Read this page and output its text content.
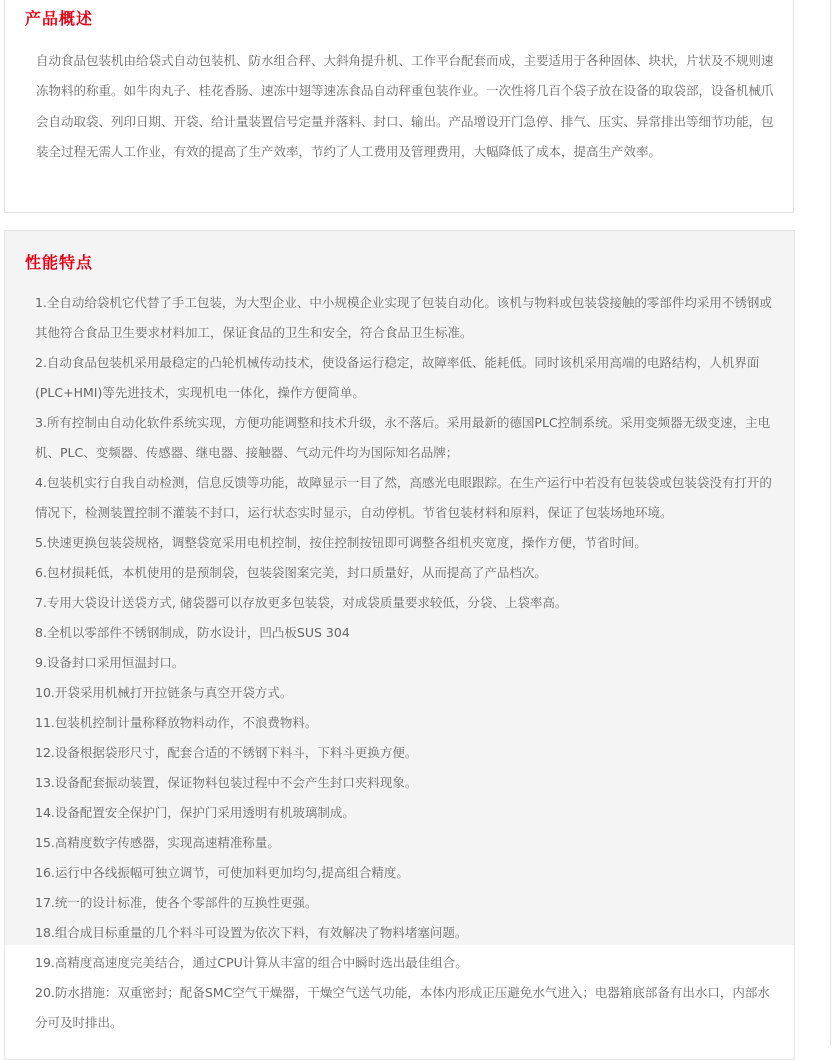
产品概述

自动食品包装机由给袋式自动包装机、防水组合秤、大斜角提升机、工作平台配套而成，主要适用于各种固体、块状，片状及不规则速冻物料的称重。如牛肉丸子、桂花香肠、速冻中翅等速冻食品自动秤重包装作业。一次性将几百个袋子放在设备的取袋部，设备机械爪会自动取袋、列印日期、开袋、给计量装置信号定量并落料、封口、输出。产品增设开门急停、排气、压实、异常排出等细节功能，包装全过程无需人工作业，有效的提高了生产效率，节约了人工费用及管理费用，大幅降低了成本，提高生产效率。

性能特点
1.全自动给袋机它代替了手工包装，为大型企业、中小规模企业实现了包装自动化。该机与物料或包装袋接触的零部件均采用不锈钢或其他符合食品卫生要求材料加工，保证食品的卫生和安全，符合食品卫生标准。
2.自动食品包装机采用最稳定的凸轮机械传动技术，使设备运行稳定，故障率低、能耗低。同时该机采用高端的电路结构，人机界面(PLC+HMI)等先进技术，实现机电一体化，操作方便简单。
3.所有控制由自动化软件系统实现，方便功能调整和技术升级，永不落后。采用最新的德国PLC控制系统。采用变频器无级变速，主电机、PLC、变频器、传感器、继电器、接触器、气动元件均为国际知名品牌；
4.包装机实行自我自动检测，信息反馈等功能，故障显示一目了然，高感光电眼跟踪。在生产运行中若没有包装袋或包装袋没有打开的情况下，检测装置控制不灌装不封口，运行状态实时显示，自动停机。节省包装材料和原料，保证了包装场地环境。
5.快速更换包装袋规格，调整袋宽采用电机控制，按住控制按钮即可调整各组机夹宽度，操作方便，节省时间。
6.包材损耗低，本机使用的是预制袋，包装袋图案完美，封口质量好，从而提高了产品档次。
7.专用大袋设计送袋方式, 储袋器可以存放更多包装袋，对成袋质量要求较低，分袋、上袋率高。
8.全机以零部件不锈钢制成，防水设计，凹凸板SUS 304
9.设备封口采用恒温封口。
10.开袋采用机械打开拉链条与真空开袋方式。
11.包装机控制计量称释放物料动作，不浪费物料。
12.设备根据袋形尺寸，配套合适的不锈钢下料斗，下料斗更换方便。
13.设备配套振动装置，保证物料包装过程中不会产生封口夹料现象。
14.设备配置安全保护门，保护门采用透明有机玻璃制成。
15.高精度数字传感器，实现高速精准称量。
16.运行中各线振幅可独立调节，可使加料更加均匀,提高组合精度。
17.统一的设计标准，使各个零部件的互换性更强。
18.组合成目标重量的几个料斗可设置为依次下料，有效解决了物料堵塞问题。
19.高精度高速度完美结合，通过CPU计算从丰富的组合中瞬时选出最佳组合。
20.防水措施：双重密封；配备SMC空气干燥器，干燥空气送气功能，本体内形成正压避免水气进入；电器箱底部备有出水口，内部水分可及时排出。
